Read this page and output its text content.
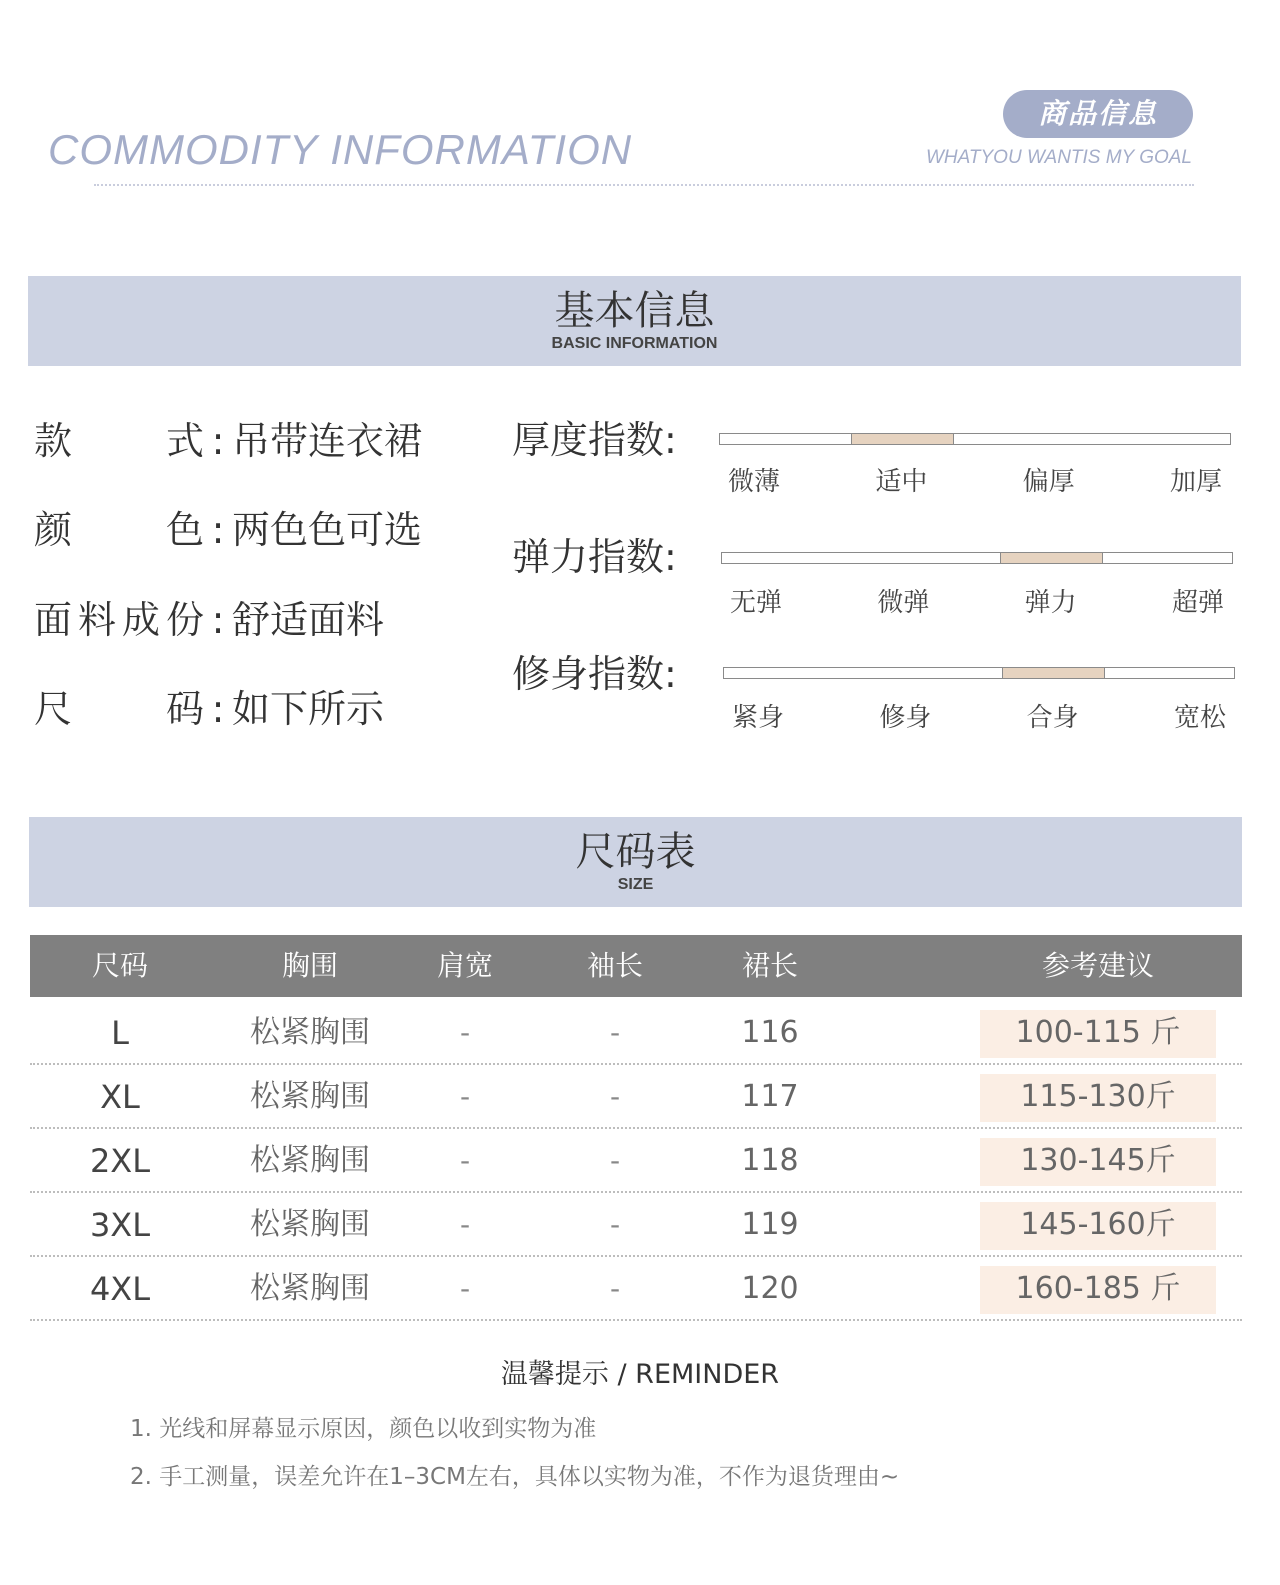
COMMODITY INFORMATION
商品信息
WHATYOU WANTIS MY GOAL
基本信息
BASIC INFORMATION
款　式 : 吊带连衣裙
颜　色 : 两色色可选
面料成份 : 舒适面料
尺　码 : 如下所示
厚度指数:
微薄	适中	偏厚	加厚
弹力指数:
无弹	微弹	弹力	超弹
修身指数:
紧身	修身	合身	宽松
尺码表
SIZE
尺码	胸围	肩宽	袖长	裙长	参考建议
L	松紧胸围	-	-	116	100-115 斤
XL	松紧胸围	-	-	117	115-130斤
2XL	松紧胸围	-	-	118	130-145斤
3XL	松紧胸围	-	-	119	145-160斤
4XL	松紧胸围	-	-	120	160-185 斤
温馨提示 / REMINDER
1. 光线和屏幕显示原因，颜色以收到实物为准
2. 手工测量，误差允许在1–3CM左右，具体以实物为准，不作为退货理由~
